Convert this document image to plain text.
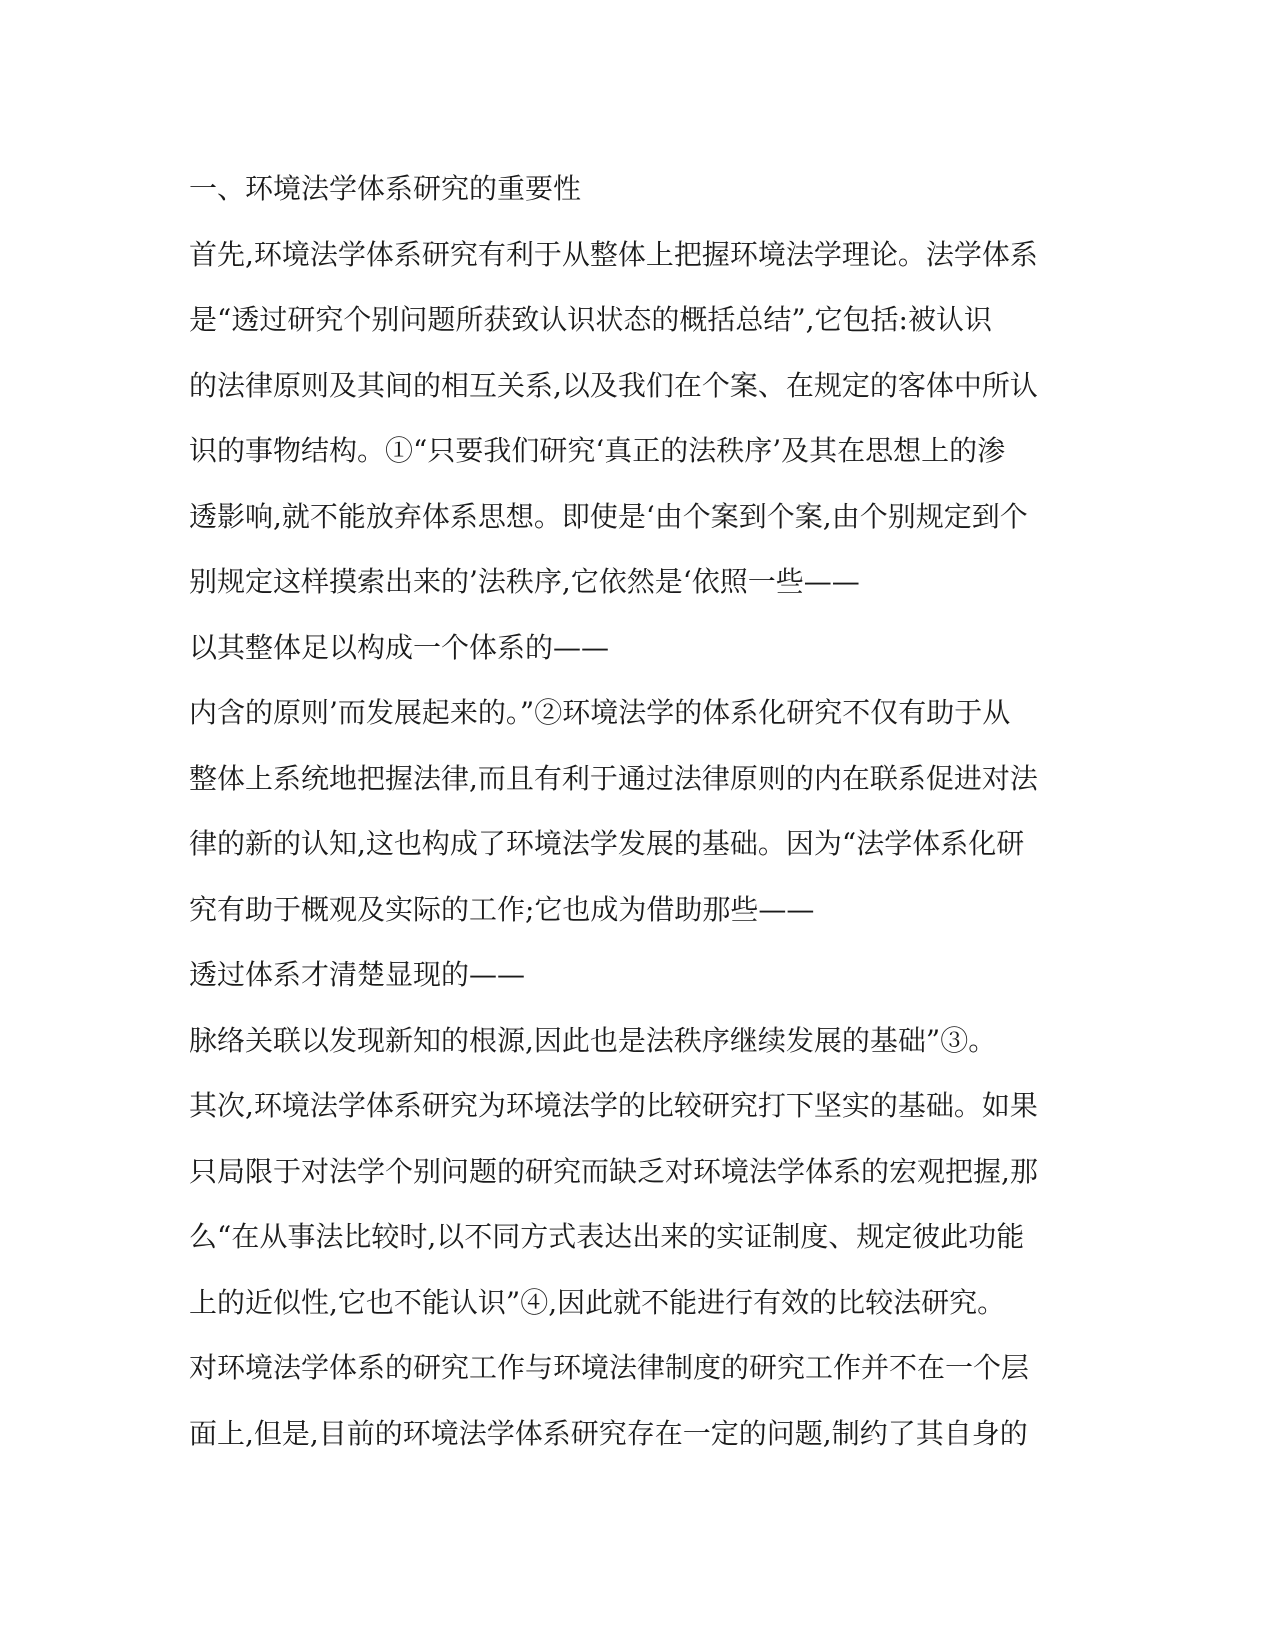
一、环境法学体系研究的重要性
首先,环境法学体系研究有利于从整体上把握环境法学理论。法学体系
是“透过研究个别问题所获致认识状态的概括总结”,它包括:被认识
的法律原则及其间的相互关系,以及我们在个案、在规定的客体中所认
识的事物结构。①“只要我们研究‘真正的法秩序’及其在思想上的渗
透影响,就不能放弃体系思想。即使是‘由个案到个案,由个别规定到个
别规定这样摸索出来的’法秩序,它依然是‘依照一些——
以其整体足以构成一个体系的——
内含的原则’而发展起来的。”②环境法学的体系化研究不仅有助于从
整体上系统地把握法律,而且有利于通过法律原则的内在联系促进对法
律的新的认知,这也构成了环境法学发展的基础。因为“法学体系化研
究有助于概观及实际的工作;它也成为借助那些——
透过体系才清楚显现的——
脉络关联以发现新知的根源,因此也是法秩序继续发展的基础”③。
其次,环境法学体系研究为环境法学的比较研究打下坚实的基础。如果
只局限于对法学个别问题的研究而缺乏对环境法学体系的宏观把握,那
么“在从事法比较时,以不同方式表达出来的实证制度、规定彼此功能
上的近似性,它也不能认识”④,因此就不能进行有效的比较法研究。
对环境法学体系的研究工作与环境法律制度的研究工作并不在一个层
面上,但是,目前的环境法学体系研究存在一定的问题,制约了其自身的
